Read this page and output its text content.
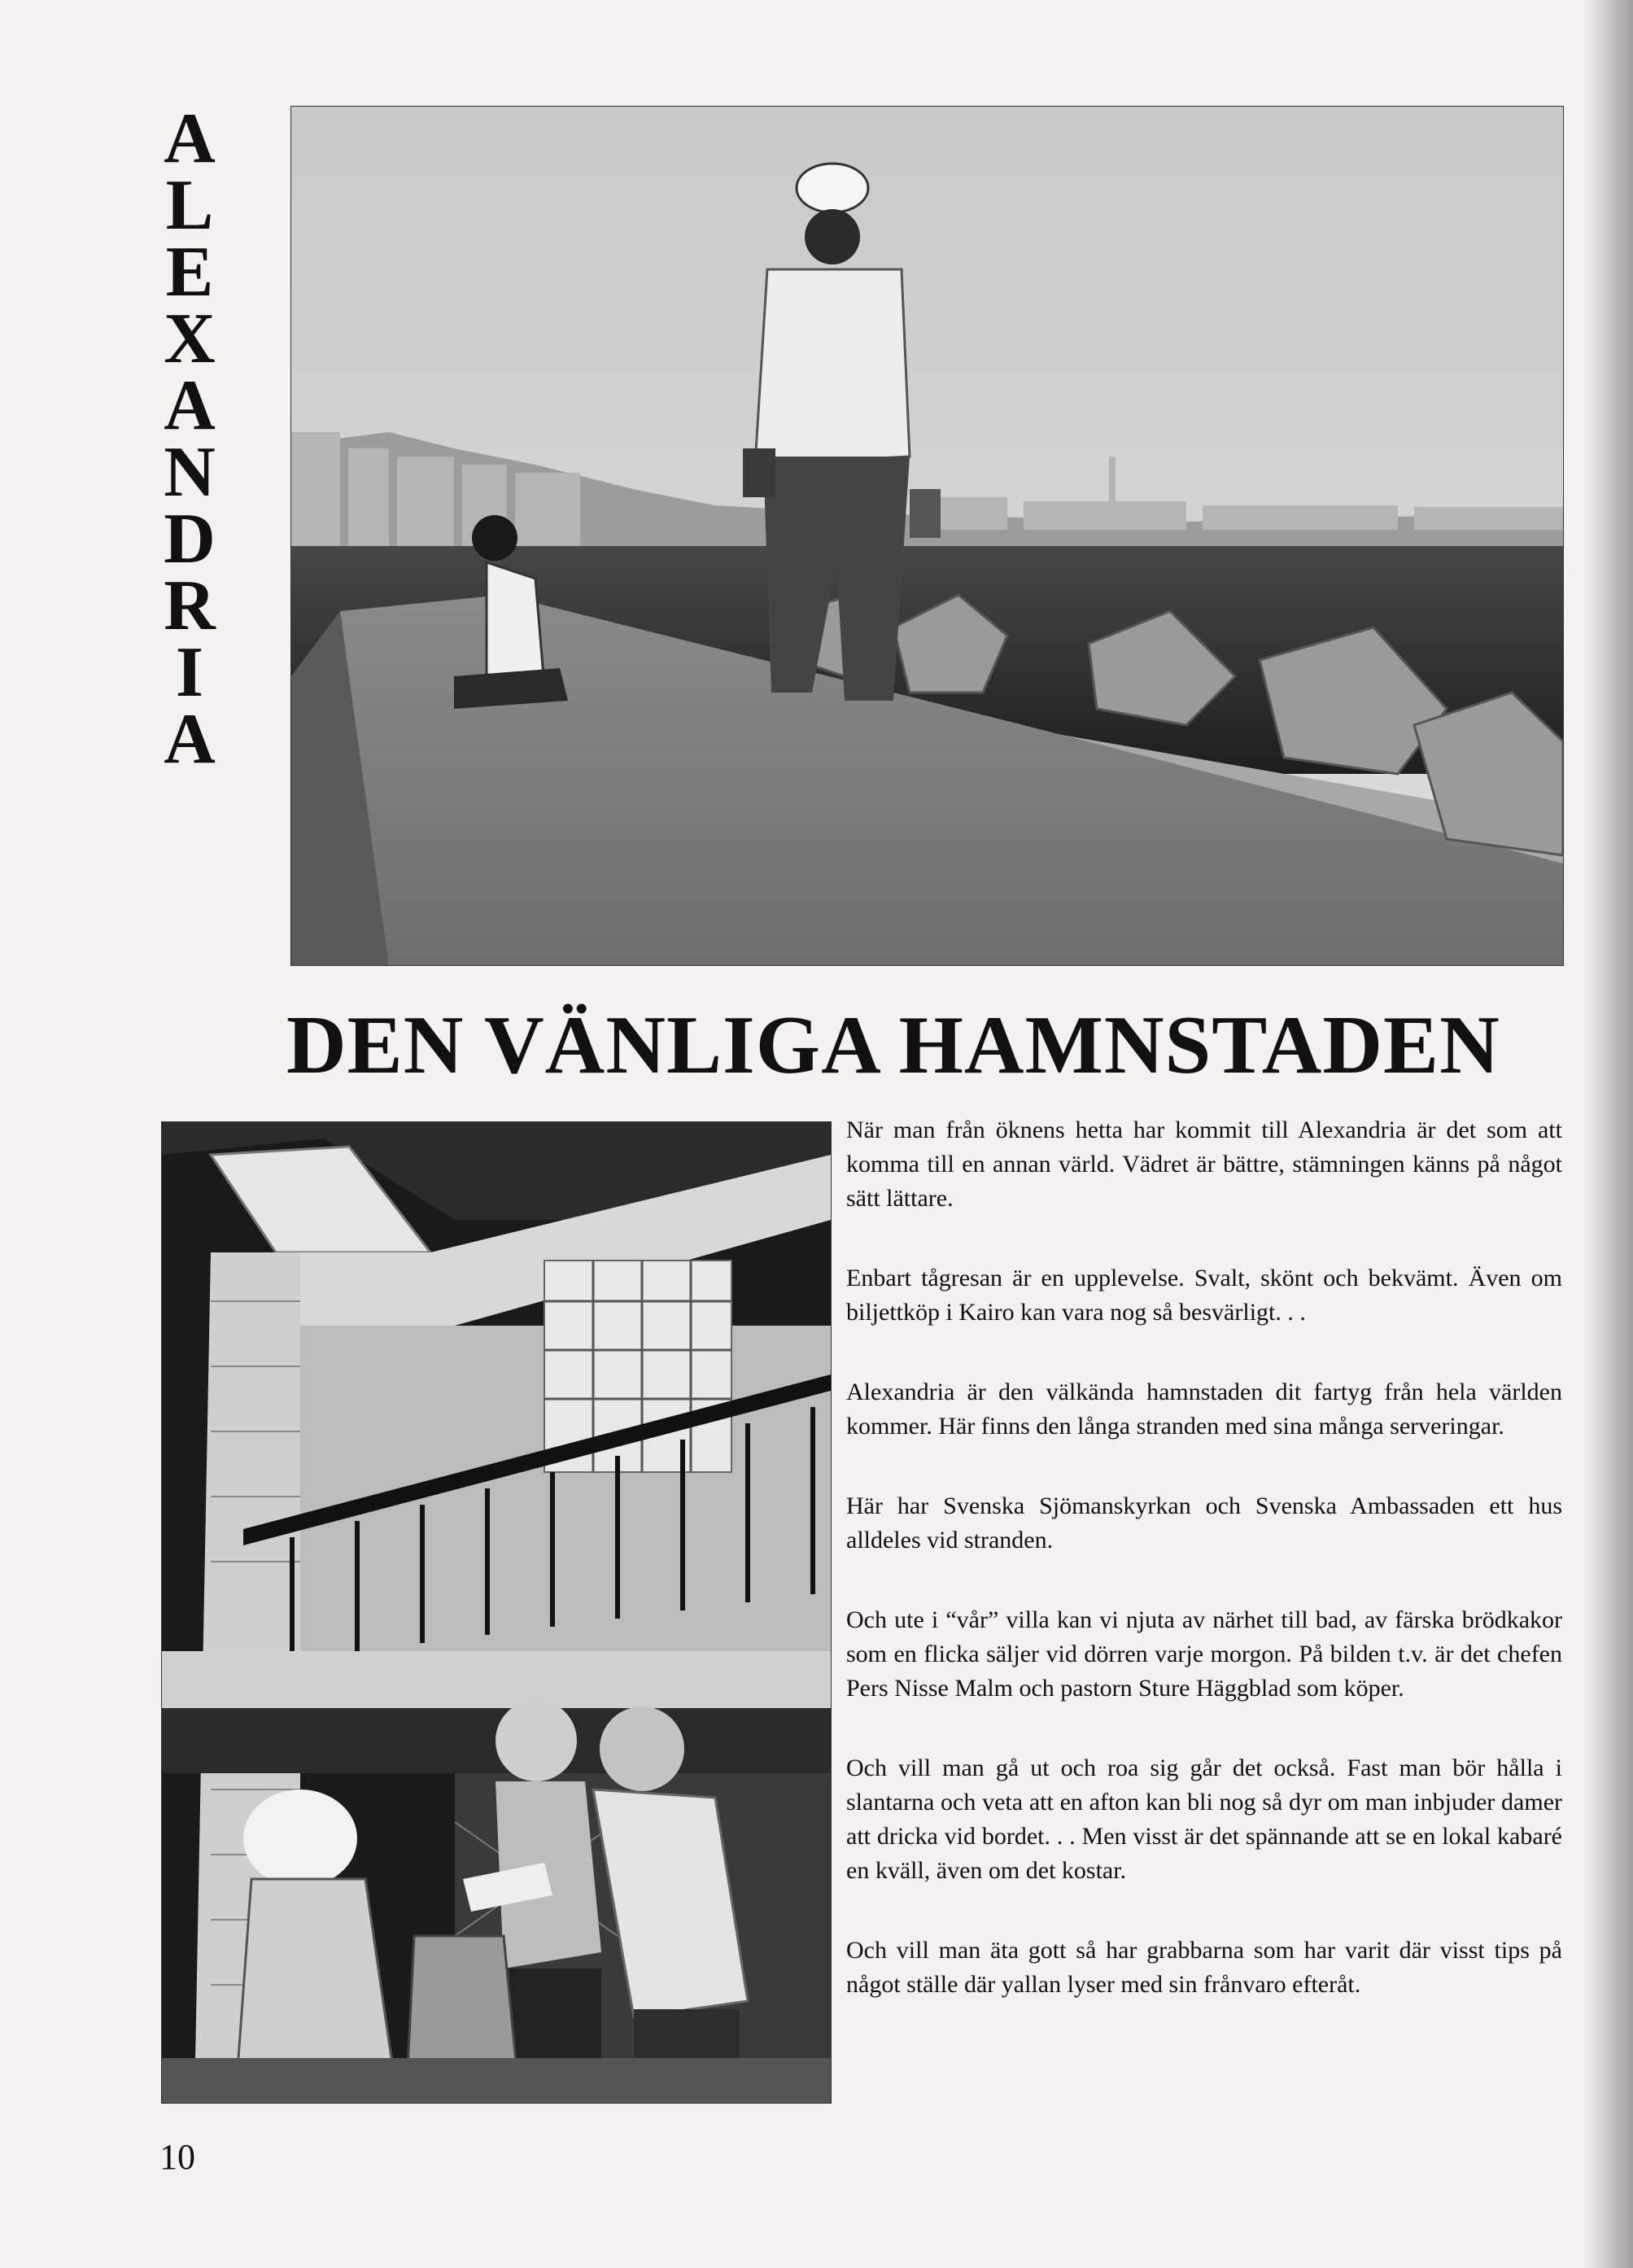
A
L
E
X
A
N
D
R
I
A
DEN VÄNLIGA HAMNSTADEN

När man från öknens hetta har kommit till Alexandria är det som att komma till en annan värld. Vädret är bättre, stämningen känns på något sätt lättare.

Enbart tågresan är en upplevelse. Svalt, skönt och bekvämt. Även om biljettköp i Kairo kan vara nog så besvärligt. . .

Alexandria är den välkända hamnstaden dit fartyg från hela världen kommer. Här finns den långa stranden med sina många serveringar.

Här har Svenska Sjömanskyrkan och Svenska Ambassaden ett hus alldeles vid stranden.

Och ute i “vår” villa kan vi njuta av närhet till bad, av färska brödkakor som en flicka säljer vid dörren varje morgon. På bilden t.v. är det chefen Pers Nisse Malm och pastorn Sture Häggblad som köper.

Och vill man gå ut och roa sig går det också. Fast man bör hålla i slantarna och veta att en afton kan bli nog så dyr om man inbjuder damer att dricka vid bordet. . . Men visst är det spännande att se en lokal kabaré en kväll, även om det kostar.

Och vill man äta gott så har grabbarna som har varit där visst tips på något ställe där yallan lyser med sin frånvaro efteråt.

10
